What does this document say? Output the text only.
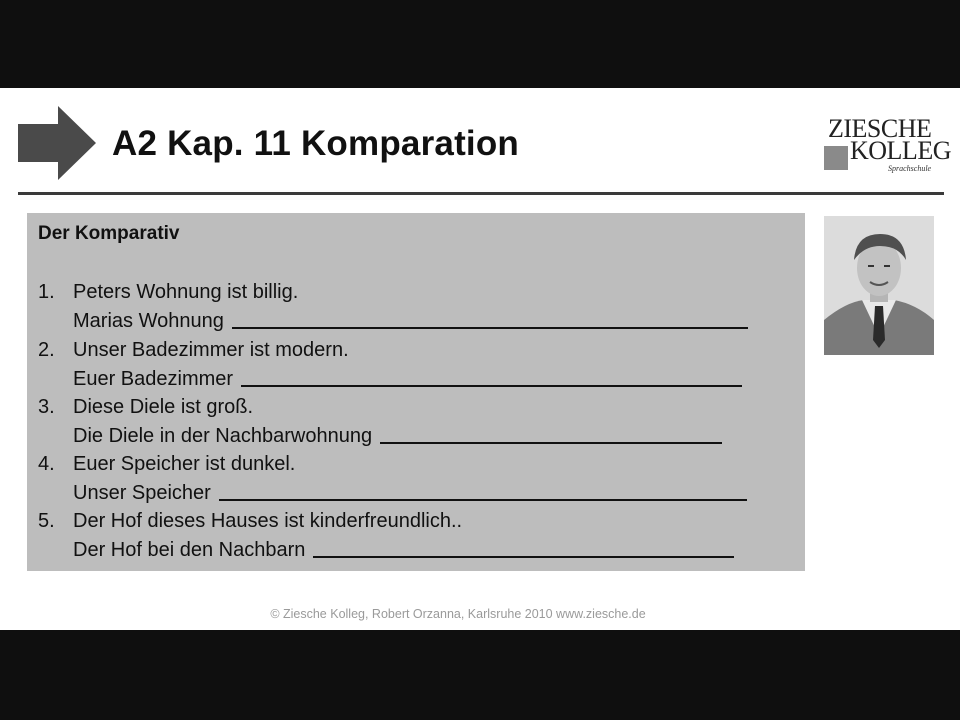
A2 Kap. 11 Komparation	ZIESCHE
KOLLEG
Sprachschule
Der Komparativ
1. Peters Wohnung ist billig.
Marias Wohnung
2. Unser Badezimmer ist modern.
Euer Badezimmer
3. Diese Diele ist groß.
Die Diele in der Nachbarwohnung
4. Euer Speicher ist dunkel.
Unser Speicher
5. Der Hof dieses Hauses ist kinderfreundlich..
Der Hof bei den Nachbarn
© Ziesche Kolleg, Robert Orzanna, Karlsruhe 2010 www.ziesche.de
